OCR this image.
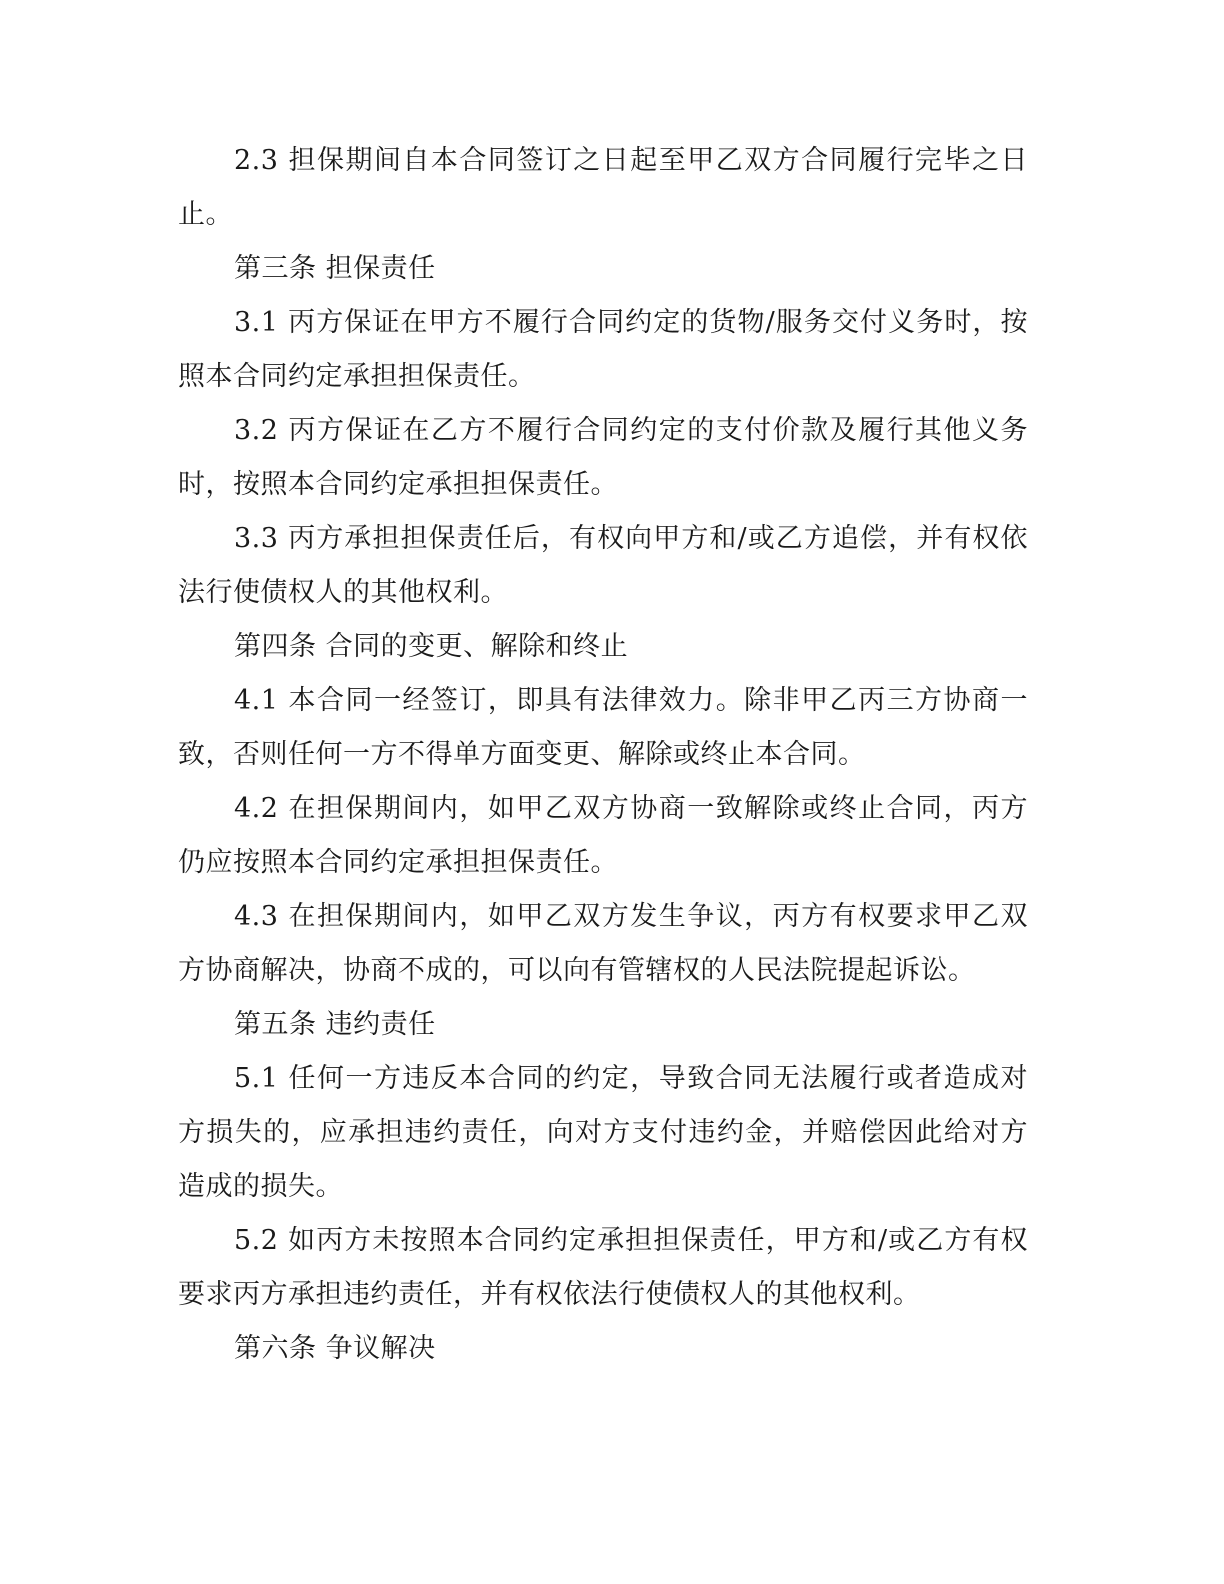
2.3 担保期间自本合同签订之日起至甲乙双方合同履行完毕之日止。

第三条 担保责任

3.1 丙方保证在甲方不履行合同约定的货物/服务交付义务时，按照本合同约定承担担保责任。

3.2 丙方保证在乙方不履行合同约定的支付价款及履行其他义务时，按照本合同约定承担担保责任。

3.3 丙方承担担保责任后，有权向甲方和/或乙方追偿，并有权依法行使债权人的其他权利。

第四条 合同的变更、解除和终止

4.1 本合同一经签订，即具有法律效力。除非甲乙丙三方协商一致，否则任何一方不得单方面变更、解除或终止本合同。

4.2 在担保期间内，如甲乙双方协商一致解除或终止合同，丙方仍应按照本合同约定承担担保责任。

4.3 在担保期间内，如甲乙双方发生争议，丙方有权要求甲乙双方协商解决，协商不成的，可以向有管辖权的人民法院提起诉讼。

第五条 违约责任

5.1 任何一方违反本合同的约定，导致合同无法履行或者造成对方损失的，应承担违约责任，向对方支付违约金，并赔偿因此给对方造成的损失。

5.2 如丙方未按照本合同约定承担担保责任，甲方和/或乙方有权要求丙方承担违约责任，并有权依法行使债权人的其他权利。

第六条 争议解决
